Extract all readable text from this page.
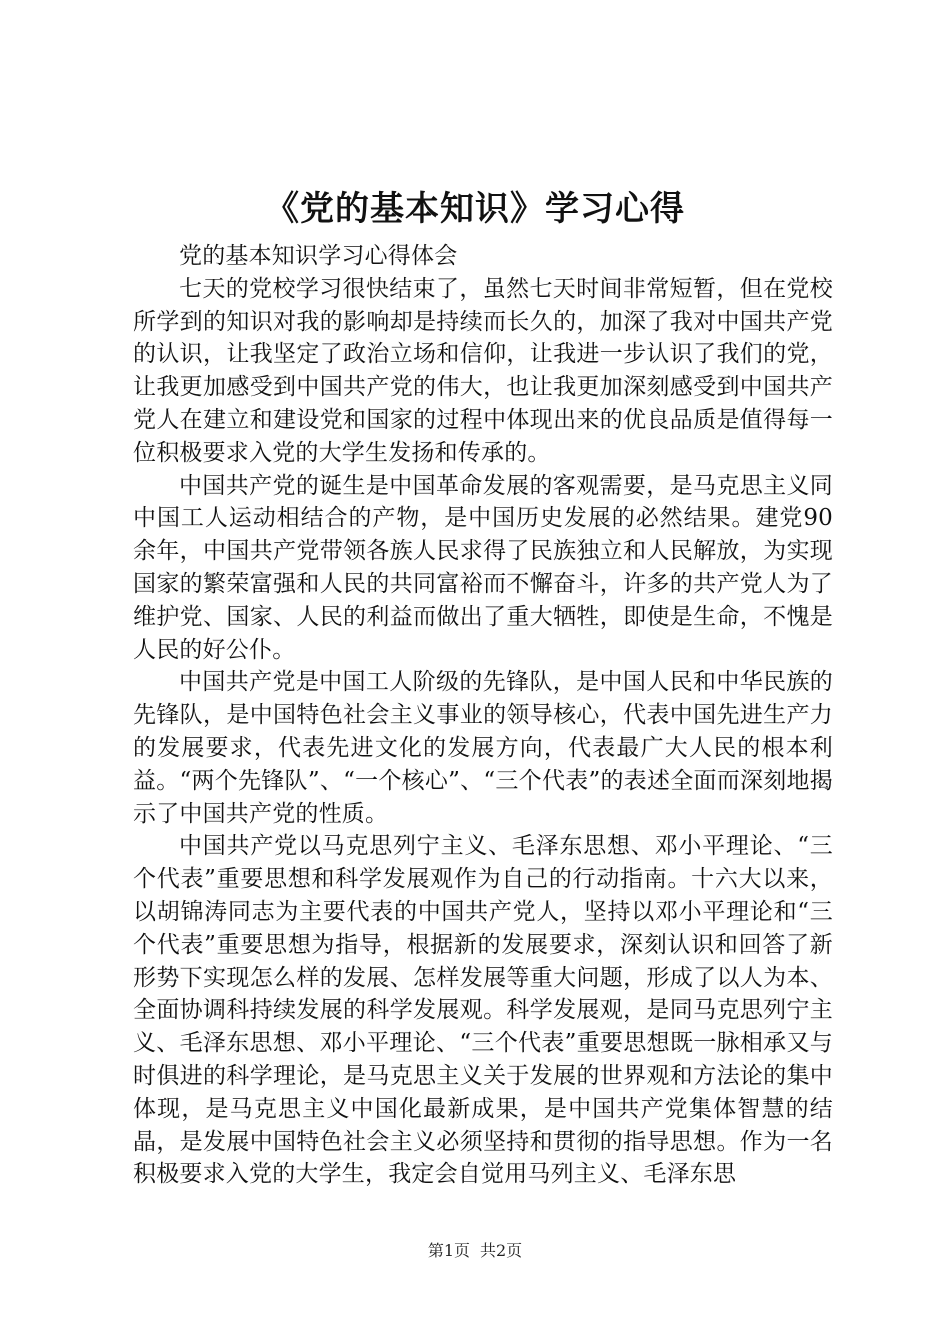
《党的基本知识》学习心得

党的基本知识学习心得体会

七天的党校学习很快结束了，虽然七天时间非常短暂，但在党校所学到的知识对我的影响却是持续而长久的，加深了我对中国共产党的认识，让我坚定了政治立场和信仰，让我进一步认识了我们的党，让我更加感受到中国共产党的伟大，也让我更加深刻感受到中国共产党人在建立和建设党和国家的过程中体现出来的优良品质是值得每一位积极要求入党的大学生发扬和传承的。

中国共产党的诞生是中国革命发展的客观需要，是马克思主义同中国工人运动相结合的产物，是中国历史发展的必然结果。建党90余年，中国共产党带领各族人民求得了民族独立和人民解放，为实现国家的繁荣富强和人民的共同富裕而不懈奋斗，许多的共产党人为了维护党、国家、人民的利益而做出了重大牺牲，即使是生命，不愧是人民的好公仆。

中国共产党是中国工人阶级的先锋队，是中国人民和中华民族的先锋队，是中国特色社会主义事业的领导核心，代表中国先进生产力的发展要求，代表先进文化的发展方向，代表最广大人民的根本利益。“两个先锋队”、“一个核心”、“三个代表”的表述全面而深刻地揭示了中国共产党的性质。

中国共产党以马克思列宁主义、毛泽东思想、邓小平理论、“三个代表”重要思想和科学发展观作为自己的行动指南。十六大以来，以胡锦涛同志为主要代表的中国共产党人，坚持以邓小平理论和“三个代表”重要思想为指导，根据新的发展要求，深刻认识和回答了新形势下实现怎么样的发展、怎样发展等重大问题，形成了以人为本、全面协调科持续发展的科学发展观。科学发展观，是同马克思列宁主义、毛泽东思想、邓小平理论、“三个代表”重要思想既一脉相承又与时俱进的科学理论，是马克思主义关于发展的世界观和方法论的集中体现，是马克思主义中国化最新成果，是中国共产党集体智慧的结晶，是发展中国特色社会主义必须坚持和贯彻的指导思想。作为一名积极要求入党的大学生，我定会自觉用马列主义、毛泽东思

第1页 共2页
